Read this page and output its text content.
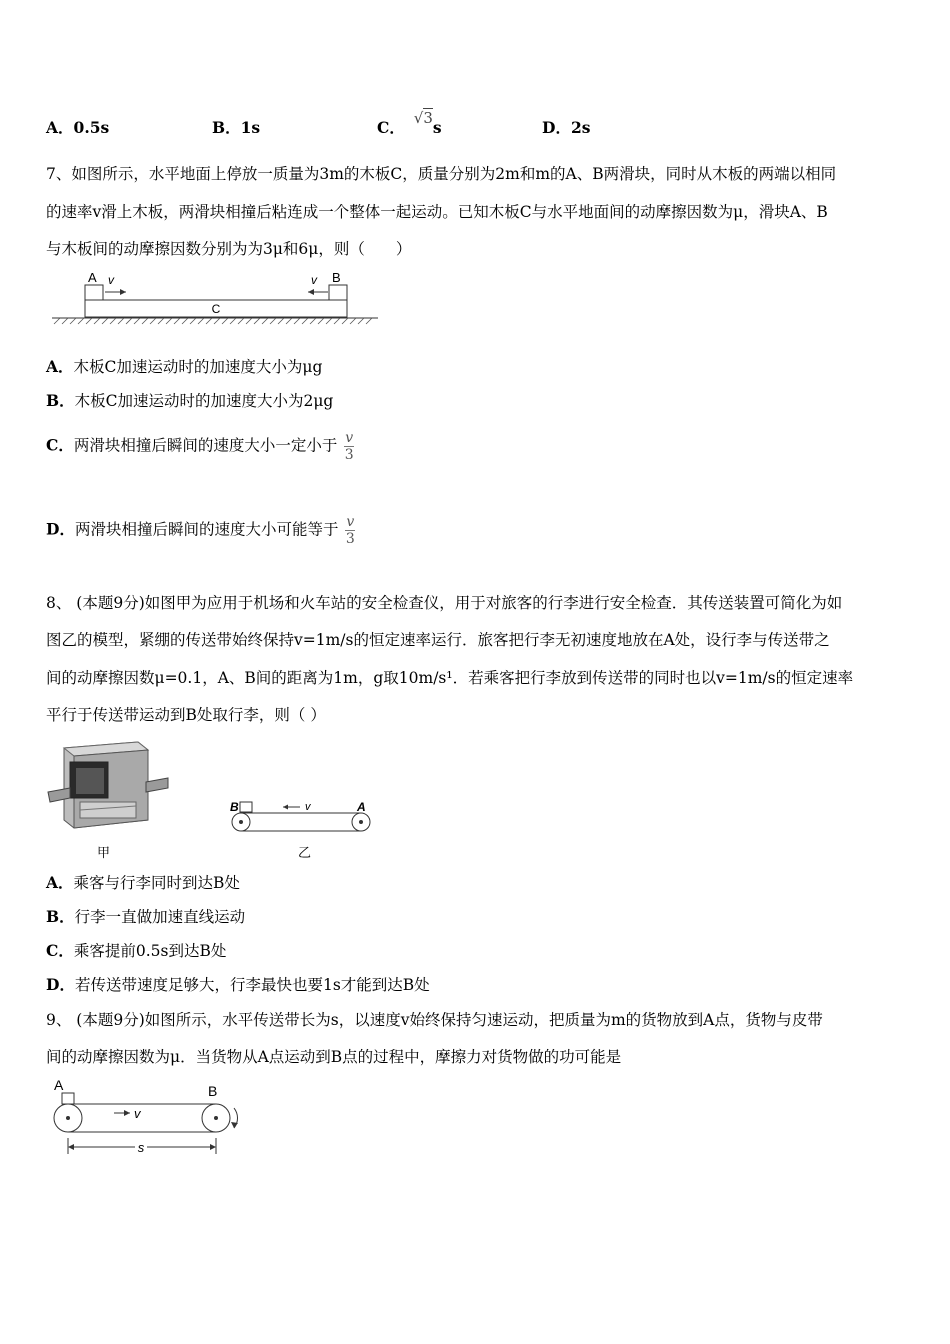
A．0.5s	B．1s	C． √3s	D．2s
7、如图所示，水平地面上停放一质量为3m的木板C，质量分别为2m和m的A、B两滑块，同时从木板的两端以相同
的速率v滑上木板，两滑块相撞后粘连成一个整体一起运动。已知木板C与水平地面间的动摩擦因数为μ，滑块A、B
与木板间的动摩擦因数分别为为3μ和6μ，则（　　）
A v	B
v
C
A．木板C加速运动时的加速度大小为μg
B．木板C加速运动时的加速度大小为2μg
C．两滑块相撞后瞬间的速度大小一定小于 $\frac{v}{3}$
D．两滑块相撞后瞬间的速度大小可能等于 $\frac{v}{3}$
8、 (本题9分)如图甲为应用于机场和火车站的安全检查仪，用于对旅客的行李进行安全检查．其传送装置可简化为如
图乙的模型，紧绷的传送带始终保持v=1m/s的恒定速率运行．旅客把行李无初速度地放在A处，设行李与传送带之
间的动摩擦因数μ=0.1，A、B间的距离为1m，g取10m/s¹．若乘客把行李放到传送带的同时也以v=1m/s的恒定速率
平行于传送带运动到B处取行李，则（ ）
甲
B	v	A
乙
A．乘客与行李同时到达B处
B．行李一直做加速直线运动
C．乘客提前0.5s到达B处
D．若传送带速度足够大，行李最快也要1s才能到达B处
9、 (本题9分)如图所示，水平传送带长为s，以速度v始终保持匀速运动，把质量为m的货物放到A点，货物与皮带
间的动摩擦因数为μ．当货物从A点运动到B点的过程中，摩擦力对货物做的功可能是
A	B
v
s
